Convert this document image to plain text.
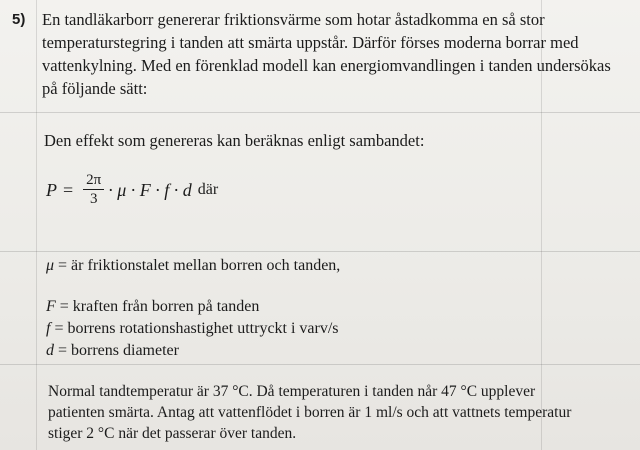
5) En tandläkarborr genererar friktionsvärme som hotar åstadkomma en så stor
temperaturstegring i tanden att smärta uppstår. Därför förses moderna borrar med
vattenkylning. Med en förenklad modell kan energiomvandlingen i tanden undersökas
på följande sätt:
Den effekt som genereras kan beräknas enligt sambandet:
$P = \frac{2\pi}{3} \cdot \mu \cdot F \cdot f \cdot d$ där
μ = är friktionstalet mellan borren och tanden,
F = kraften från borren på tanden
f = borrens rotationshastighet uttryckt i varv/s
d = borrens diameter
Normal tandtemperatur är 37 °C. Då temperaturen i tanden når 47 °C upplever
patienten smärta. Antag att vattenflödet i borren är 1 ml/s och att vattnets temperatur
stiger 2 °C när det passerar över tanden.
